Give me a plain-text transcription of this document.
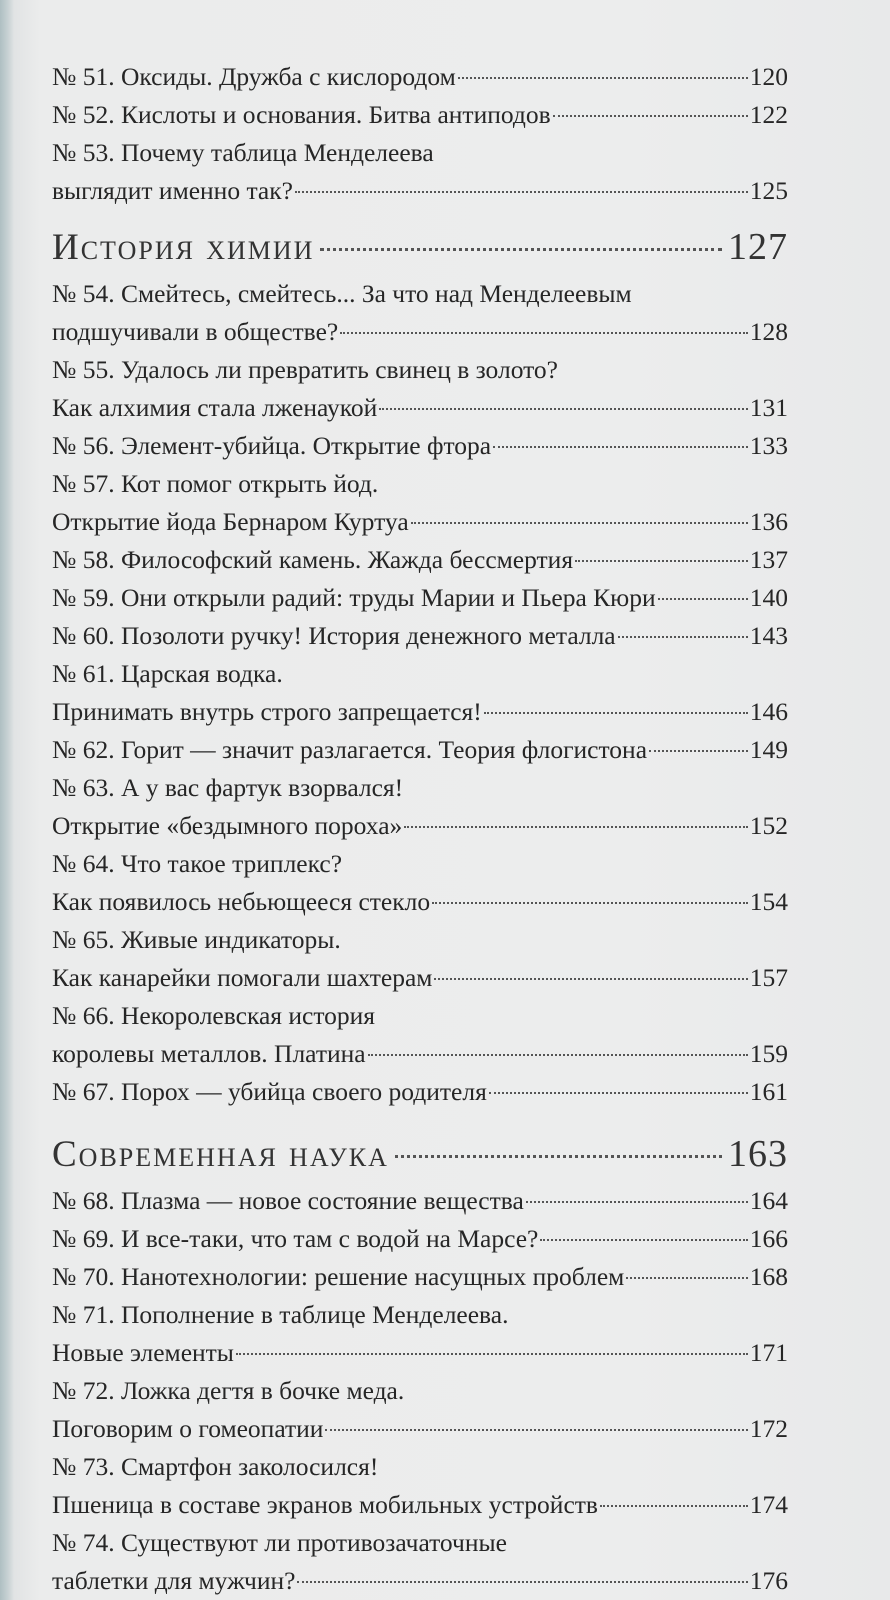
№ 51. Оксиды. Дружба с кислородом	120
№ 52. Кислоты и основания. Битва антиподов	122
№ 53. Почему таблица Менделеева
выглядит именно так?	125
История химии	127
№ 54. Смейтесь, смейтесь... За что над Менделеевым
подшучивали в обществе?	128
№ 55. Удалось ли превратить свинец в золото?
Как алхимия стала лженаукой	131
№ 56. Элемент-убийца. Открытие фтора	133
№ 57. Кот помог открыть йод.
Открытие йода Бернаром Куртуа	136
№ 58. Философский камень. Жажда бессмертия	137
№ 59. Они открыли радий: труды Марии и Пьера Кюри	140
№ 60. Позолоти ручку! История денежного металла	143
№ 61. Царская водка.
Принимать внутрь строго запрещается!	146
№ 62. Горит — значит разлагается. Теория флогистона	149
№ 63. А у вас фартук взорвался!
Открытие «бездымного пороха»	152
№ 64. Что такое триплекс?
Как появилось небьющееся стекло	154
№ 65. Живые индикаторы.
Как канарейки помогали шахтерам	157
№ 66. Некоролевская история
королевы металлов. Платина	159
№ 67. Порох — убийца своего родителя	161
Современная наука	163
№ 68. Плазма — новое состояние вещества	164
№ 69. И все-таки, что там с водой на Марсе?	166
№ 70. Нанотехнологии: решение насущных проблем	168
№ 71. Пополнение в таблице Менделеева.
Новые элементы	171
№ 72. Ложка дегтя в бочке меда.
Поговорим о гомеопатии	172
№ 73. Смартфон заколосился!
Пшеница в составе экранов мобильных устройств	174
№ 74. Существуют ли противозачаточные
таблетки для мужчин?	176
